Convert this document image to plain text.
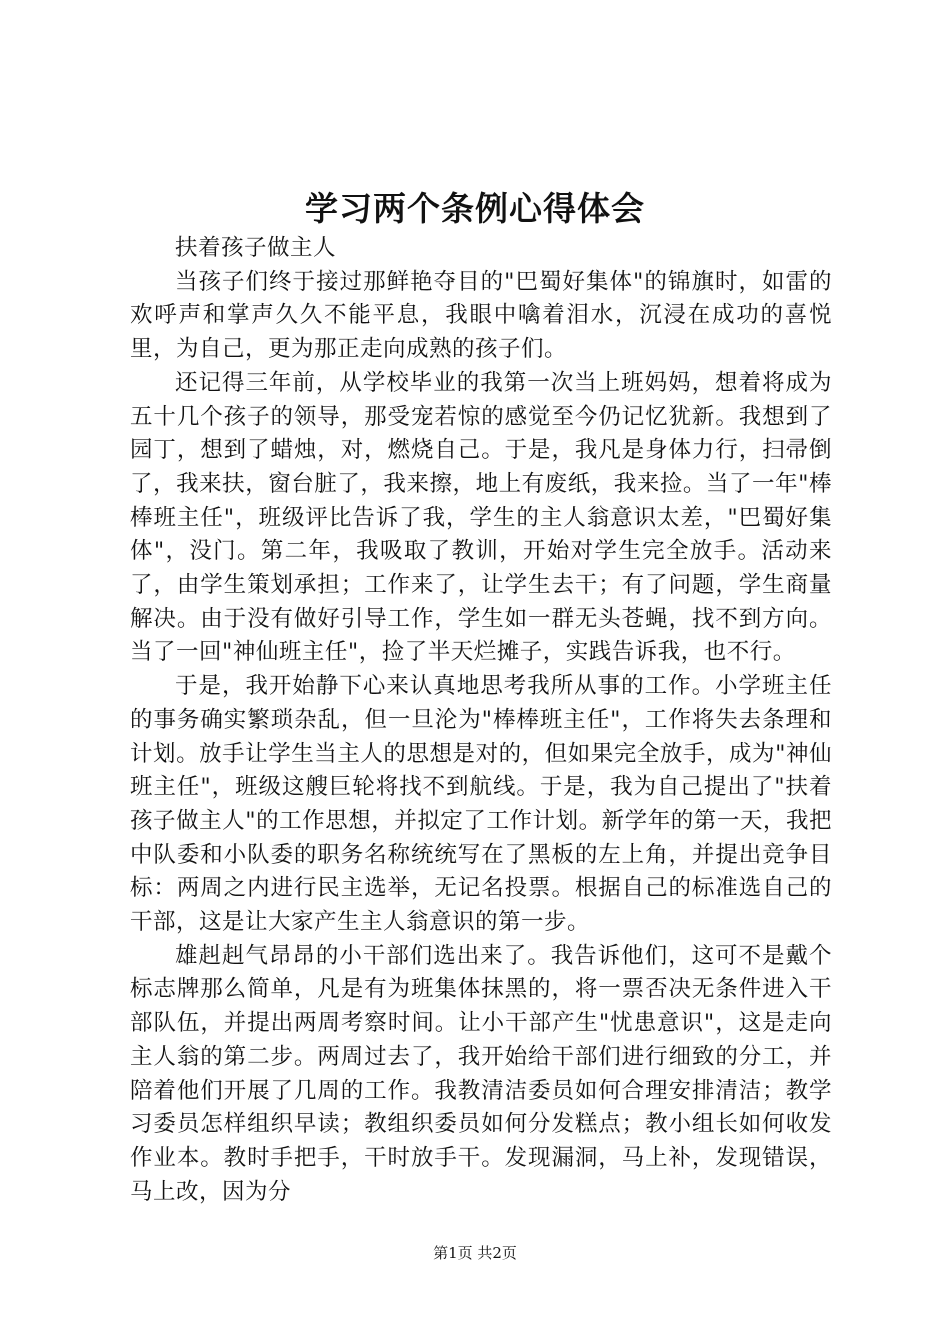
学习两个条例心得体会

扶着孩子做主人

当孩子们终于接过那鲜艳夺目的"巴蜀好集体"的锦旗时，如雷的欢呼声和掌声久久不能平息，我眼中噙着泪水，沉浸在成功的喜悦里，为自己，更为那正走向成熟的孩子们。

还记得三年前，从学校毕业的我第一次当上班妈妈，想着将成为五十几个孩子的领导，那受宠若惊的感觉至今仍记忆犹新。我想到了园丁，想到了蜡烛，对，燃烧自己。于是，我凡是身体力行，扫帚倒了，我来扶，窗台脏了，我来擦，地上有废纸，我来捡。当了一年"棒棒班主任"，班级评比告诉了我，学生的主人翁意识太差，"巴蜀好集体"，没门。第二年，我吸取了教训，开始对学生完全放手。活动来了，由学生策划承担；工作来了，让学生去干；有了问题，学生商量解决。由于没有做好引导工作，学生如一群无头苍蝇，找不到方向。当了一回"神仙班主任"，捡了半天烂摊子，实践告诉我，也不行。

于是，我开始静下心来认真地思考我所从事的工作。小学班主任的事务确实繁琐杂乱，但一旦沦为"棒棒班主任"，工作将失去条理和计划。放手让学生当主人的思想是对的，但如果完全放手，成为"神仙班主任"，班级这艘巨轮将找不到航线。于是，我为自己提出了"扶着孩子做主人"的工作思想，并拟定了工作计划。新学年的第一天，我把中队委和小队委的职务名称统统写在了黑板的左上角，并提出竞争目标：两周之内进行民主选举，无记名投票。根据自己的标准选自己的干部，这是让大家产生主人翁意识的第一步。

雄赳赳气昂昂的小干部们选出来了。我告诉他们，这可不是戴个标志牌那么简单，凡是有为班集体抹黑的，将一票否决无条件进入干部队伍，并提出两周考察时间。让小干部产生"忧患意识"，这是走向主人翁的第二步。两周过去了，我开始给干部们进行细致的分工，并陪着他们开展了几周的工作。我教清洁委员如何合理安排清洁；教学习委员怎样组织早读；教组织委员如何分发糕点；教小组长如何收发作业本。教时手把手，干时放手干。发现漏洞，马上补，发现错误，马上改，因为分

第1页 共2页
